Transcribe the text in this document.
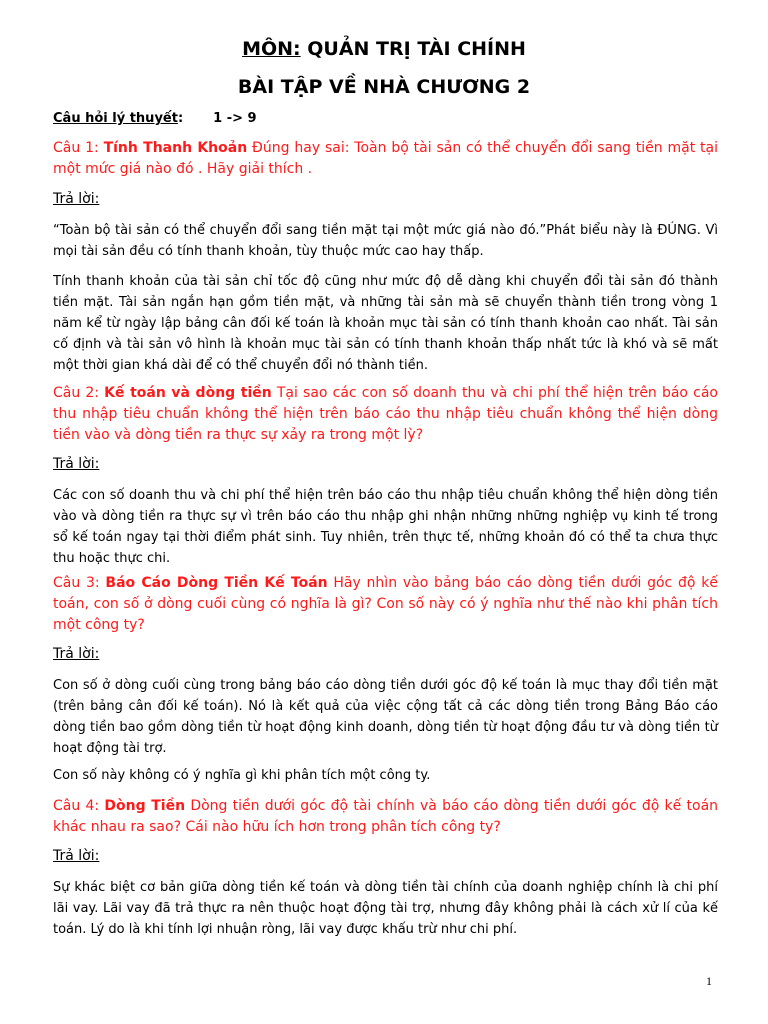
MÔN: QUẢN TRỊ TÀI CHÍNH
BÀI TẬP VỀ NHÀ CHƯƠNG 2
Câu hỏi lý thuyết: 1 -> 9
Câu 1: Tính Thanh Khoản Đúng hay sai: Toàn bộ tài sản có thể chuyển đổi sang tiền mặt tại một mức giá nào đó . Hãy giải thích .
Trả lời:
“Toàn bộ tài sản có thể chuyển đổi sang tiền mặt tại một mức giá nào đó.”Phát biểu này là ĐÚNG. Vì mọi tài sản đều có tính thanh khoản, tùy thuộc mức cao hay thấp.
Tính thanh khoản của tài sản chỉ tốc độ cũng như mức độ dễ dàng khi chuyển đổi tài sản đó thành tiền mặt. Tài sản ngắn hạn gồm tiền mặt, và những tài sản mà sẽ chuyển thành tiền trong vòng 1 năm kể từ ngày lập bảng cân đối kế toán là khoản mục tài sản có tính thanh khoản cao nhất. Tài sản cố định và tài sản vô hình là khoản mục tài sản có tính thanh khoản thấp nhất tức là khó và sẽ mất một thời gian khá dài để có thể chuyển đổi nó thành tiền.
Câu 2: Kế toán và dòng tiền Tại sao các con số doanh thu và chi phí thể hiện trên báo cáo thu nhập tiêu chuẩn không thể hiện trên báo cáo thu nhập tiêu chuẩn không thể hiện dòng tiền vào và dòng tiền ra thực sự xảy ra trong một lỳ?
Trả lời:
Các con số doanh thu và chi phí thể hiện trên báo cáo thu nhập tiêu chuẩn không thể hiện dòng tiền vào và dòng tiền ra thực sự vì trên báo cáo thu nhập ghi nhận những những nghiệp vụ kinh tế trong sổ kế toán ngay tại thời điểm phát sinh. Tuy nhiên, trên thực tế, những khoản đó có thể ta chưa thực thu hoặc thực chi.
Câu 3: Báo Cáo Dòng Tiền Kế Toán Hãy nhìn vào bảng báo cáo dòng tiền dưới góc độ kế toán, con số ở dòng cuối cùng có nghĩa là gì? Con số này có ý nghĩa như thế nào khi phân tích một công ty?
Trả lời:
Con số ở dòng cuối cùng trong bảng báo cáo dòng tiền dưới góc độ kế toán là mục thay đổi tiền mặt (trên bảng cân đối kế toán). Nó là kết quả của việc cộng tất cả các dòng tiền trong Bảng Báo cáo dòng tiền bao gồm dòng tiền từ hoạt động kinh doanh, dòng tiền từ hoạt động đầu tư và dòng tiền từ hoạt động tài trợ.
Con số này không có ý nghĩa gì khi phân tích một công ty.
Câu 4: Dòng Tiền Dòng tiền dưới góc độ tài chính và báo cáo dòng tiền dưới góc độ kế toán khác nhau ra sao? Cái nào hữu ích hơn trong phân tích công ty?
Trả lời:
Sự khác biệt cơ bản giữa dòng tiền kế toán và dòng tiền tài chính của doanh nghiệp chính là chi phí lãi vay. Lãi vay đã trả thực ra nên thuộc hoạt động tài trợ, nhưng đây không phải là cách xử lí của kế toán. Lý do là khi tính lợi nhuận ròng, lãi vay được khấu trừ như chi phí.
1
